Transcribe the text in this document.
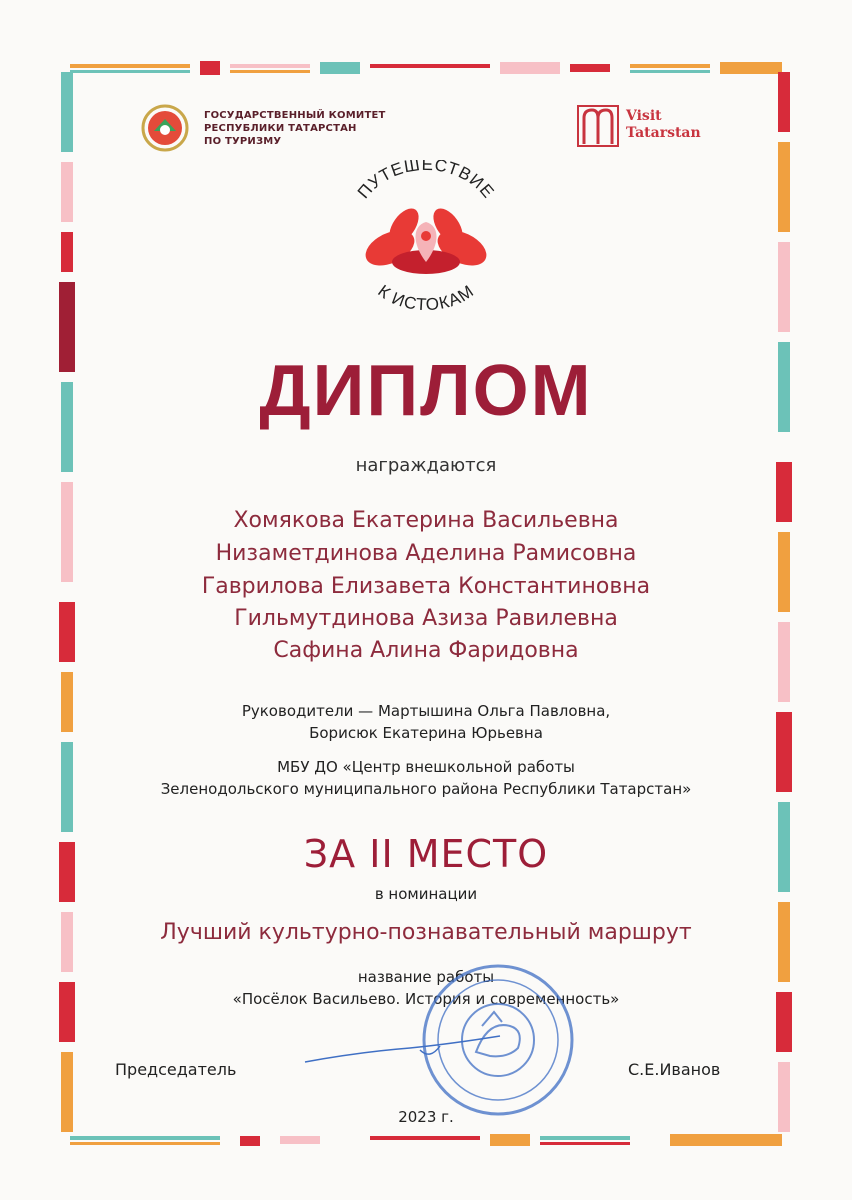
ГОСУДАРСТВЕННЫЙ КОМИТЕТ
РЕСПУБЛИКИ ТАТАРСТАН
ПО ТУРИЗМУ
Visit
Tatarstan
ПУТЕШЕСТВИЕ
К ИСТОКАМ
ДИПЛОМ
награждаются
Хомякова Екатерина Васильевна
Низаметдинова Аделина Рамисовна
Гаврилова Елизавета Константиновна
Гильмутдинова Азиза Равилевна
Сафина Алина Фаридовна
Руководители — Мартышина Ольга Павловна,
Борисюк Екатерина Юрьевна
МБУ ДО «Центр внешкольной работы
Зеленодольского муниципального района Республики Татарстан»
ЗА II МЕСТО
в номинации
Лучший культурно-познавательный маршрут
название работы
«Посёлок Васильево. История и современность»
Председатель	С.Е.Иванов
2023 г.
